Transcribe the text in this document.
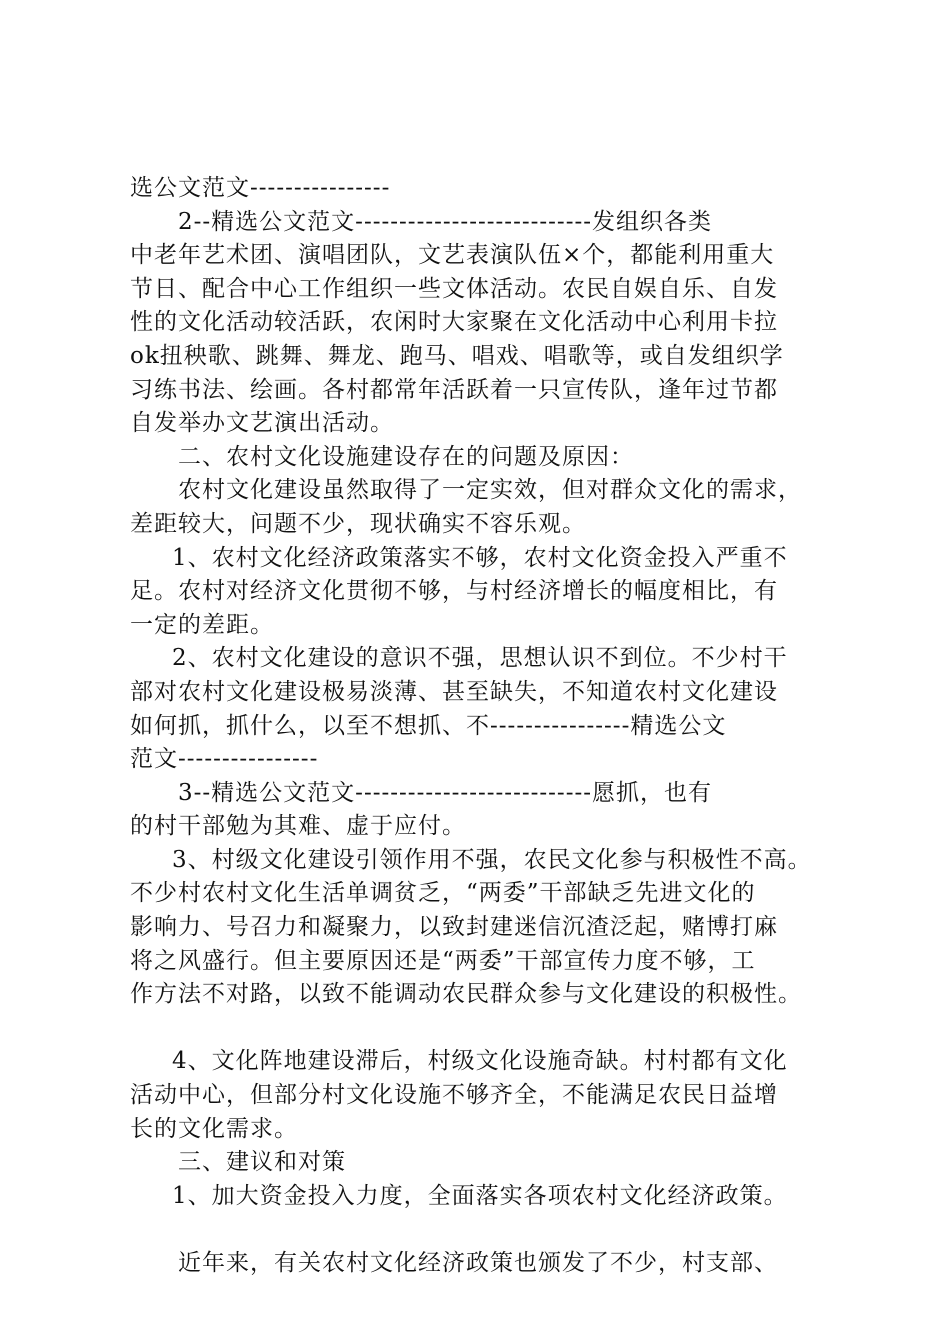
选公文范文----------------
2--精选公文范文---------------------------发组织各类
中老年艺术团、演唱团队，文艺表演队伍×个，都能利用重大
节日、配合中心工作组织一些文体活动。农民自娱自乐、自发
性的文化活动较活跃，农闲时大家聚在文化活动中心利用卡拉
ok扭秧歌、跳舞、舞龙、跑马、唱戏、唱歌等，或自发组织学
习练书法、绘画。各村都常年活跃着一只宣传队，逢年过节都
自发举办文艺演出活动。
二、农村文化设施建设存在的问题及原因：
农村文化建设虽然取得了一定实效，但对群众文化的需求，
差距较大，问题不少，现状确实不容乐观。
1、农村文化经济政策落实不够，农村文化资金投入严重不
足。农村对经济文化贯彻不够，与村经济增长的幅度相比，有
一定的差距。
2、农村文化建设的意识不强，思想认识不到位。不少村干
部对农村文化建设极易淡薄、甚至缺失，不知道农村文化建设
如何抓，抓什么，以至不想抓、不----------------精选公文
范文----------------
3--精选公文范文---------------------------愿抓，也有
的村干部勉为其难、虚于应付。
3、村级文化建设引领作用不强，农民文化参与积极性不高。
不少村农村文化生活单调贫乏，“两委”干部缺乏先进文化的
影响力、号召力和凝聚力，以致封建迷信沉渣泛起，赌博打麻
将之风盛行。但主要原因还是“两委”干部宣传力度不够，工
作方法不对路，以致不能调动农民群众参与文化建设的积极性。
4、文化阵地建设滞后，村级文化设施奇缺。村村都有文化
活动中心，但部分村文化设施不够齐全，不能满足农民日益增
长的文化需求。
三、建议和对策
1、加大资金投入力度，全面落实各项农村文化经济政策。
近年来，有关农村文化经济政策也颁发了不少，村支部、
